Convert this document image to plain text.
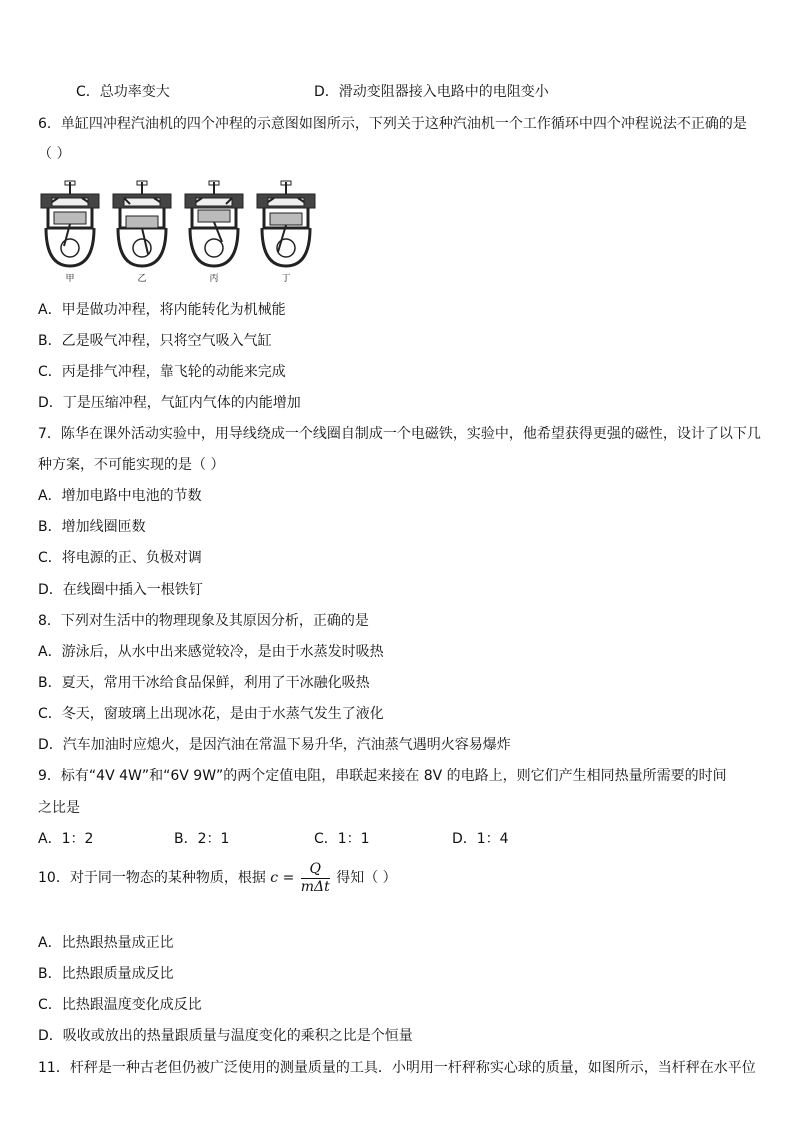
C．总功率变大	D．滑动变阻器接入电路中的电阻变小
6．单缸四冲程汽油机的四个冲程的示意图如图所示，下列关于这种汽油机一个工作循环中四个冲程说法不正确的是
（ ）
甲	乙	丙	丁
A．甲是做功冲程，将内能转化为机械能
B．乙是吸气冲程，只将空气吸入气缸
C．丙是排气冲程，靠飞轮的动能来完成
D．丁是压缩冲程，气缸内气体的内能增加
7．陈华在课外活动实验中，用导线绕成一个线圈自制成一个电磁铁，实验中，他希望获得更强的磁性，设计了以下几
种方案，不可能实现的是（ ）
A．增加电路中电池的节数
B．增加线圈匝数
C．将电源的正、负极对调
D．在线圈中插入一根铁钉
8．下列对生活中的物理现象及其原因分析，正确的是
A．游泳后，从水中出来感觉较冷，是由于水蒸发时吸热
B．夏天，常用干冰给食品保鲜，利用了干冰融化吸热
C．冬天，窗玻璃上出现冰花，是由于水蒸气发生了液化
D．汽车加油时应熄火，是因汽油在常温下易升华，汽油蒸气遇明火容易爆炸
9．标有“4V 4W”和“6V 9W”的两个定值电阻，串联起来接在 8V 的电路上，则它们产生相同热量所需要的时间
之比是
A．1：2	B．2：1	C．1：1	D．1：4
10．对于同一物态的某种物质，根据 $c = \frac{Q}{\text{mΔt}}$ 得知（ ）
A．比热跟热量成正比
B．比热跟质量成反比
C．比热跟温度变化成反比
D．吸收或放出的热量跟质量与温度变化的乘积之比是个恒量
11．杆秤是一种古老但仍被广泛使用的测量质量的工具．小明用一杆秤称实心球的质量，如图所示，当杆秤在水平位
